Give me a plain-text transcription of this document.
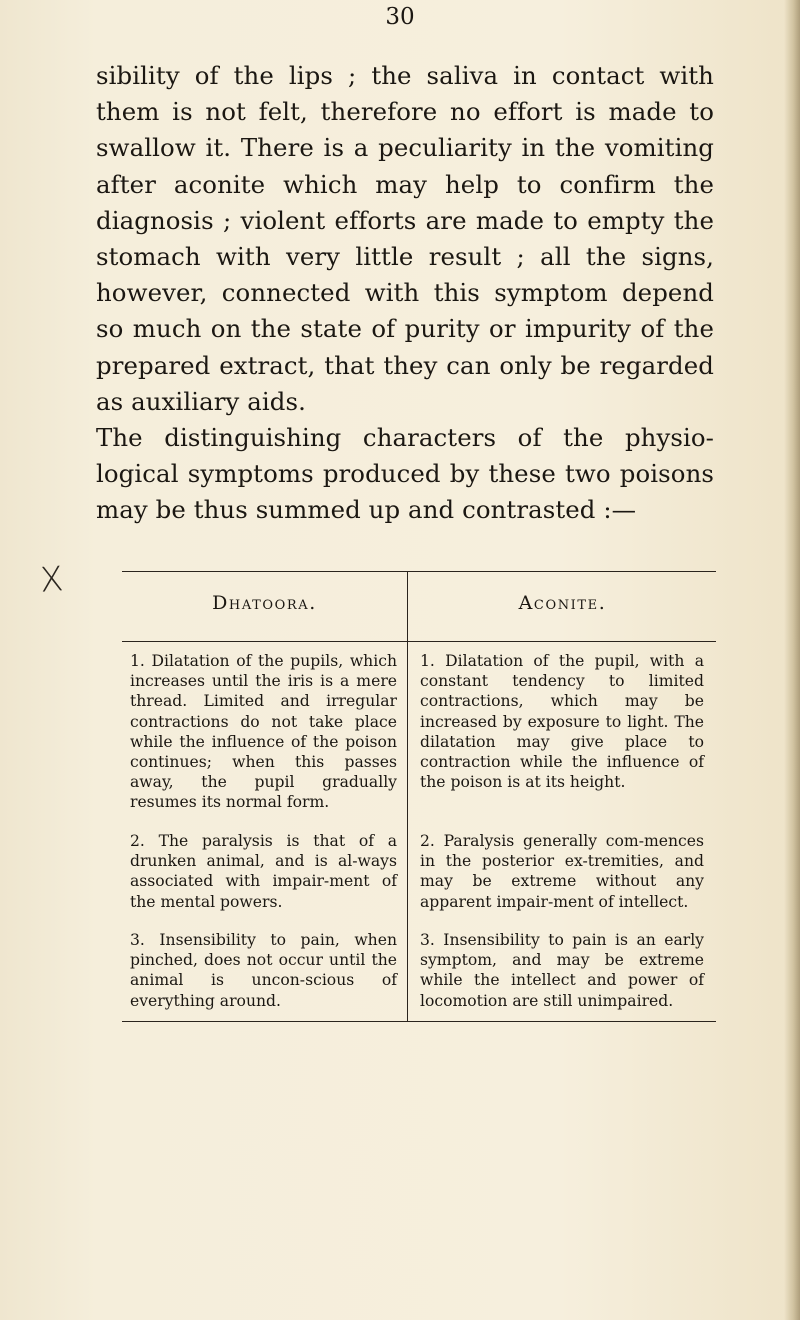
30

sibility of the lips ; the saliva in contact with them is not felt, therefore no effort is made to swallow it. There is a peculiarity in the vomiting after aconite which may help to confirm the diagnosis ; violent efforts are made to empty the stomach with very little result ; all the signs, however, connected with this symptom depend so much on the state of purity or impurity of the prepared extract, that they can only be regarded as auxiliary aids.

The distinguishing characters of the physio-logical symptoms produced by these two poisons may be thus summed up and contrasted :—

X
Dhatoora.	Aconite.
1. Dilatation of the pupils, which increases until the iris is a mere thread. Limited and irregular contractions do not take place while the influence of the poison continues; when this passes away, the pupil gradually resumes its normal form.
1. Dilatation of the pupil, with a constant tendency to limited contractions, which may be increased by exposure to light. The dilatation may give place to contraction while the influence of the poison is at its height.
2. The paralysis is that of a drunken animal, and is al-ways associated with impair-ment of the mental powers.
2. Paralysis generally com-mences in the posterior ex-tremities, and may be extreme without any apparent impair-ment of intellect.
3. Insensibility to pain, when pinched, does not occur until the animal is uncon-scious of everything around.
3. Insensibility to pain is an early symptom, and may be extreme while the intellect and power of locomotion are still unimpaired.
